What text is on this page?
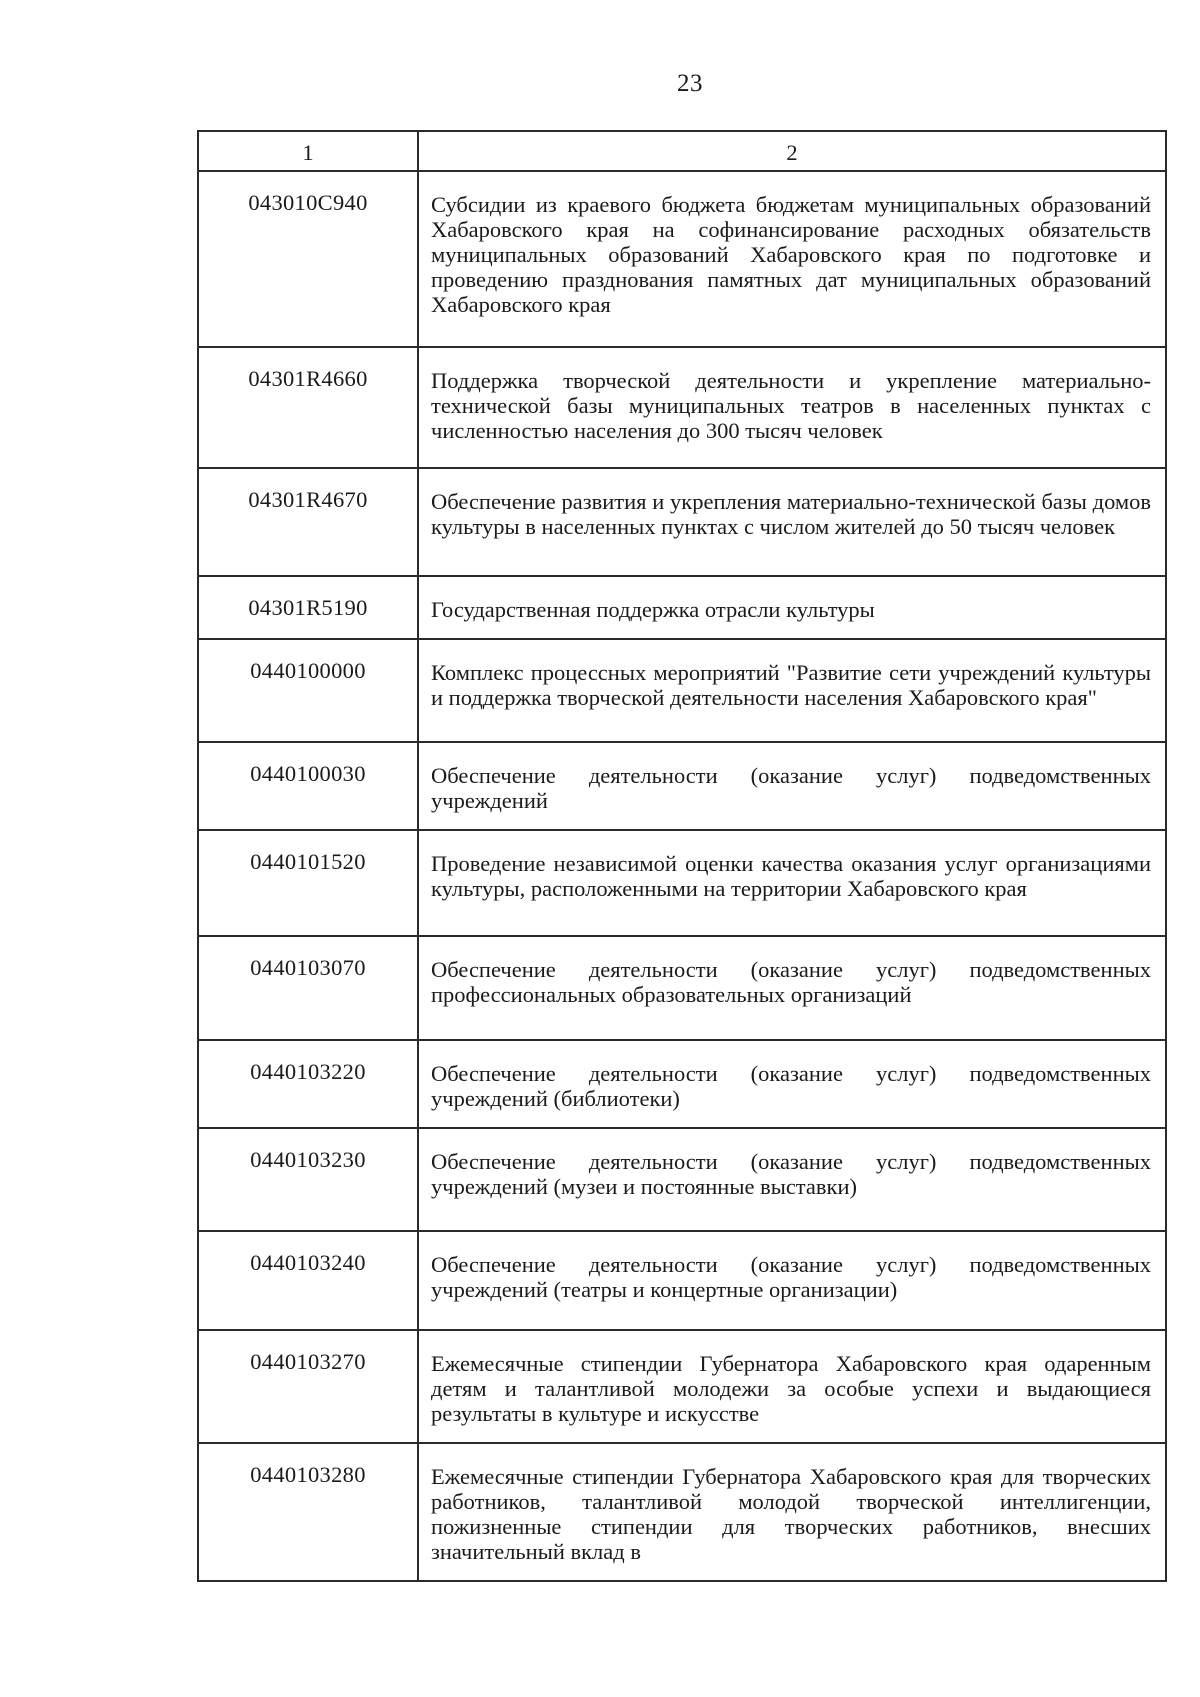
23
1	2
043010C940	Субсидии из краевого бюджета бюджетам муниципальных образований Хабаровского края на софинансирование расходных обязательств муниципальных образований Хабаровского края по подготовке и проведению празднования памятных дат муниципальных образований Хабаровского края
04301R4660	Поддержка творческой деятельности и укрепление материально-технической базы муниципальных театров в населенных пунктах с численностью населения до 300 тысяч человек
04301R4670	Обеспечение развития и укрепления материально-технической базы домов культуры в населенных пунктах с числом жителей до 50 тысяч человек
04301R5190	Государственная поддержка отрасли культуры
0440100000	Комплекс процессных мероприятий "Развитие сети учреждений культуры и поддержка творческой деятельности населения Хабаровского края"
0440100030	Обеспечение деятельности (оказание услуг) подведомственных учреждений
0440101520	Проведение независимой оценки качества оказания услуг организациями культуры, расположенными на территории Хабаровского края
0440103070	Обеспечение деятельности (оказание услуг) подведомственных профессиональных образовательных организаций
0440103220	Обеспечение деятельности (оказание услуг) подведомственных учреждений (библиотеки)
0440103230	Обеспечение деятельности (оказание услуг) подведомственных учреждений (музеи и постоянные выставки)
0440103240	Обеспечение деятельности (оказание услуг) подведомственных учреждений (театры и концертные организации)
0440103270	Ежемесячные стипендии Губернатора Хабаровского края одаренным детям и талантливой молодежи за особые успехи и выдающиеся результаты в культуре и искусстве
0440103280	Ежемесячные стипендии Губернатора Хабаровского края для творческих работников, талантливой молодой творческой интеллигенции, пожизненные стипендии для творческих работников, внесших значительный вклад в
